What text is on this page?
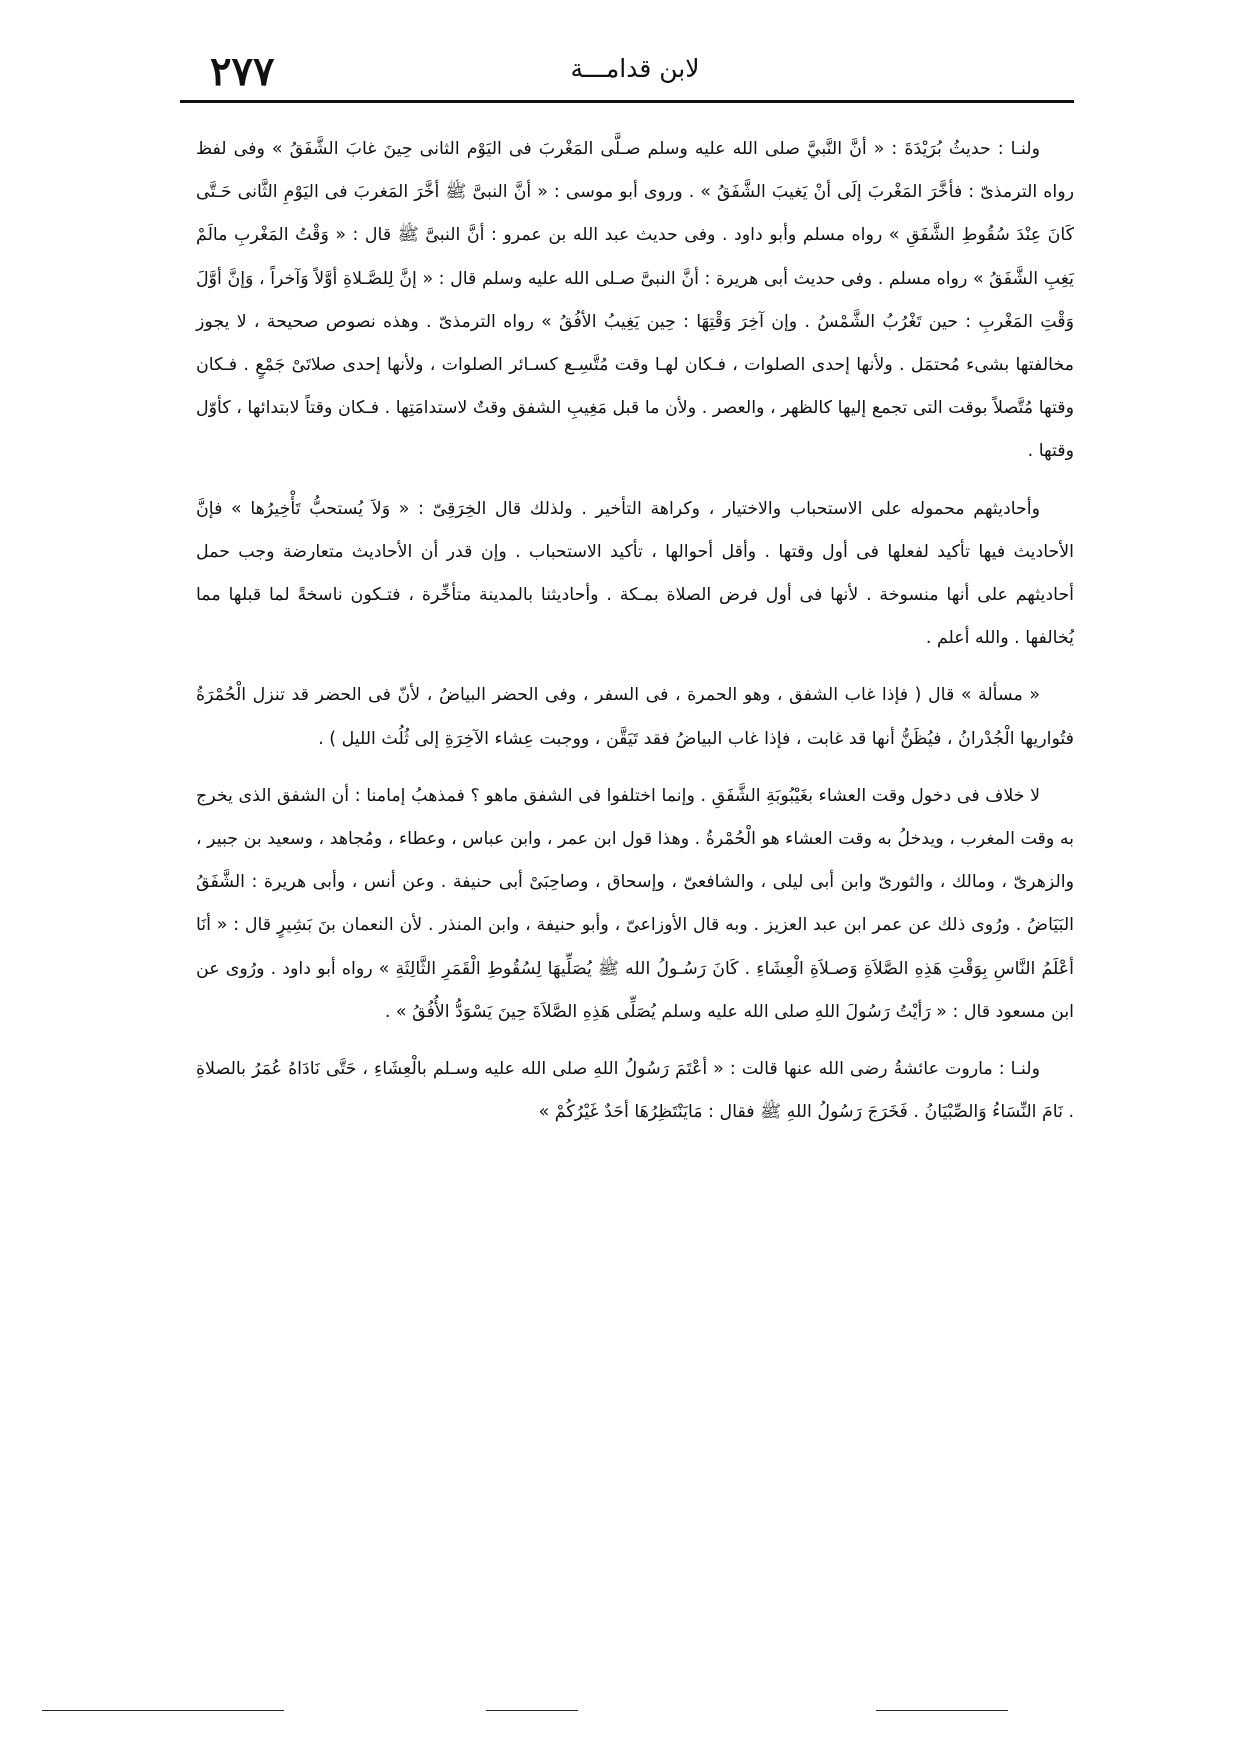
٢٧٧	لابن قدامـــة

ولنـا : حديثُ بُرَيْدَةَ : « أنَّ النَّبيَّ صلى الله عليه وسلم صـلَّى المَغْربَ فى اليَوْم الثانى حِينَ غابَ الشَّفَقُ » وفى لفظ رواه الترمذىّ : فأخَّرَ المَغْربَ إلَى أنْ يَغيبَ الشَّفَقُ » . وروى أبو موسى : « أنَّ النبىَّ ﷺ أخَّرَ المَغربَ فى اليَوْمِ الثَّانى حَـتَّى كَانَ عِنْدَ سُقُوطِ الشَّفَقِ » رواه مسلم وأبو داود . وفى حديث عبد الله بن عمرو : أنَّ النبىَّ ﷺ قال : « وَقْتُ المَغْربِ مالَمْ يَغِبِ الشَّفَقُ » رواه مسلم . وفى حديث أبى هريرة : أنَّ النبىَّ صـلى الله عليه وسلم قال : « إنَّ لِلصَّـلاةِ أوَّلاً وَآخراً ، وَإنَّ أوَّلَ وَقْتِ المَغْربِ : حين تَغْرُبُ الشَّمْسُ . وإن آخِرَ وَقْتِهَا : حِين يَغِيبُ الأفُقُ » رواه الترمذىّ . وهذه نصوص صحيحة ، لا يجوز مخالفتها بشىء مُحتمَل . ولأنها إحدى الصلوات ، فـكان لهـا وقت مُتَّسِـع كسـائر الصلوات ، ولأنها إحدى صلاتَىْ جَمْعٍ . فـكان وقتها مُتَّصلاً بوقت التى تجمع إليها كالظهر ، والعصر . ولأن ما قبل مَغِيبِ الشفق وقتٌ لاستدامَتِها . فـكان وقتاً لابتدائها ، كأوّل وقتها .

وأحاديثهم محموله على الاستحباب والاختيار ، وكراهة التأخير . ولذلك قال الخِرَقِىّ : « وَلاَ يُستحبُّ تَأْخِيرُها » فإنَّ الأحاديث فيها تأكيد لفعلها فى أول وقتها . وأقل أحوالها ، تأكيد الاستحباب . وإن قدر أن الأحاديث متعارضة وجب حمل أحاديثهم على أنها منسوخة . لأنها فى أول فرض الصلاة بمـكة . وأحاديثنا بالمدينة متأخِّرة ، فتـكون ناسخةً لما قبلها مما يُخالفها . والله أعلم .

« مسألة » قال ( فإذا غاب الشفق ، وهو الحمرة ، فى السفر ، وفى الحضر البياضُ ، لأنّ فى الحضر قد تنزل الْحُمْرَةُ فتُواريها الْجُدْرانُ ، فيُظَنُّ أنها قد غابت ، فإذا غاب البياضُ فقد تَيَقَّن ، ووجبت عِشاء الآخِرَةِ إلى ثُلُث الليل ) .

لا خلاف فى دخول وقت العشاء بغَيْبُوبَةِ الشَّفَقِ . وإنما اختلفوا فى الشفق ماهو ؟ فمذهبُ إمامنا : أن الشفق الذى يخرج به وقت المغرب ، ويدخلُ به وقت العشاء هو الْحُمْرةُ . وهذا قول ابن عمر ، وابن عباس ، وعطاء ، ومُجاهد ، وسعيد بن جبير ، والزهرىّ ، ومالك ، والثورىّ وابن أبى ليلى ، والشافعىّ ، وإسحاق ، وصاحِبَىْ أبى حنيفة . وعن أنس ، وأبى هريرة : الشَّفَقُ البَيَاضُ . ورُوى ذلك عن عمر ابن عبد العزيز . وبه قال الأوزاعىّ ، وأبو حنيفة ، وابن المنذر . لأن النعمان بنَ بَشِيرٍ قال : « أنَا أعْلَمُ النَّاسِ بِوَقْتِ هَذِهِ الصَّلاَةِ وَصـلاَةِ الْعِشَاءِ . كَانَ رَسُـولُ الله ﷺ يُصَلِّيهَا لِسُقُوطِ الْقَمَرِ الثَّالِثَةِ » رواه أبو داود . ورُوى عن ابن مسعود قال : « رَأيْتُ رَسُولَ اللهِ صلى الله عليه وسلم يُصَلِّى هَذِهِ الصَّلاَةَ حِينَ يَسْوَدُّ الأُفُقُ » .

ولنـا : ماروت عائشةُ رضى الله عنها قالت : « أعْتَمَ رَسُولُ اللهِ صلى الله عليه وسـلم بالْعِشَاءِ ، حَتَّى نَادَاهُ عُمَرُ بالصلاةِ . نَامَ النِّسَاءُ وَالصِّبْيَانُ . فَخَرَجَ رَسُولُ اللهِ ﷺ فقال : مَايَنْتَظِرُهَا أحَدٌ غَيْرُكُمْ »
